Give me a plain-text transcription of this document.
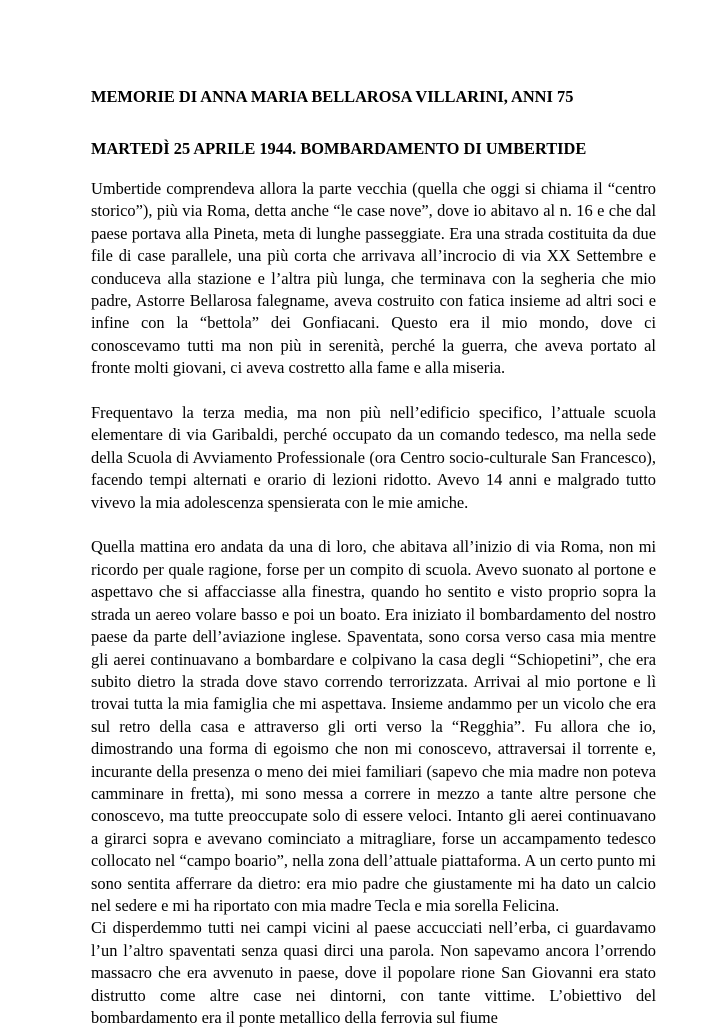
MEMORIE DI ANNA MARIA BELLAROSA VILLARINI, ANNI 75
MARTEDÌ 25 APRILE 1944. BOMBARDAMENTO DI UMBERTIDE

Umbertide comprendeva allora la parte vecchia (quella che oggi si chiama il “centro storico”), più via Roma, detta anche “le case nove”, dove io abitavo al n. 16 e che dal paese portava alla Pineta, meta di lunghe passeggiate. Era una strada costituita da due file di case parallele, una più corta che arrivava all’incrocio di via XX Settembre e conduceva alla stazione e l’altra più lunga, che terminava con la segheria che mio padre, Astorre Bellarosa falegname, aveva costruito con fatica insieme ad altri soci e infine con la “bettola” dei Gonfiacani. Questo era il mio mondo, dove ci conoscevamo tutti ma non più in serenità, perché la guerra, che aveva portato al fronte molti giovani, ci aveva costretto alla fame e alla miseria.

Frequentavo la terza media, ma non più nell’edificio specifico, l’attuale scuola elementare di via Garibaldi, perché occupato da un comando tedesco, ma nella sede della Scuola di Avviamento Professionale (ora Centro socio-culturale San Francesco), facendo tempi alternati e orario di lezioni ridotto. Avevo 14 anni e malgrado tutto vivevo la mia adolescenza spensierata con le mie amiche.

Quella mattina ero andata da una di loro, che abitava all’inizio di via Roma, non mi ricordo per quale ragione, forse per un compito di scuola. Avevo suonato al portone e aspettavo che si affacciasse alla finestra, quando ho sentito e visto proprio sopra la strada un aereo volare basso e poi un boato. Era iniziato il bombardamento del nostro paese da parte dell’aviazione inglese. Spaventata, sono corsa verso casa mia mentre gli aerei continuavano a bombardare e colpivano la casa degli “Schiopetini”, che era subito dietro la strada dove stavo correndo terrorizzata. Arrivai al mio portone e lì trovai tutta la mia famiglia che mi aspettava. Insieme andammo per un vicolo che era sul retro della casa e attraverso gli orti verso la “Regghia”. Fu allora che io, dimostrando una forma di egoismo che non mi conoscevo, attraversai il torrente e, incurante della presenza o meno dei miei familiari (sapevo che mia madre non poteva camminare in fretta), mi sono messa a correre in mezzo a tante altre persone che conoscevo, ma tutte preoccupate solo di essere veloci. Intanto gli aerei continuavano a girarci sopra e avevano cominciato a mitragliare, forse un accampamento tedesco collocato nel “campo boario”, nella zona dell’attuale piattaforma. A un certo punto mi sono sentita afferrare da dietro: era mio padre che giustamente mi ha dato un calcio nel sedere e mi ha riportato con mia madre Tecla e mia sorella Felicina.

Ci disperdemmo tutti nei campi vicini al paese accucciati nell’erba, ci guardavamo l’un l’altro spaventati senza quasi dirci una parola. Non sapevamo ancora l’orrendo massacro che era avvenuto in paese, dove il popolare rione San Giovanni era stato distrutto come altre case nei dintorni, con tante vittime. L’obiettivo del bombardamento era il ponte metallico della ferrovia sul fiume
